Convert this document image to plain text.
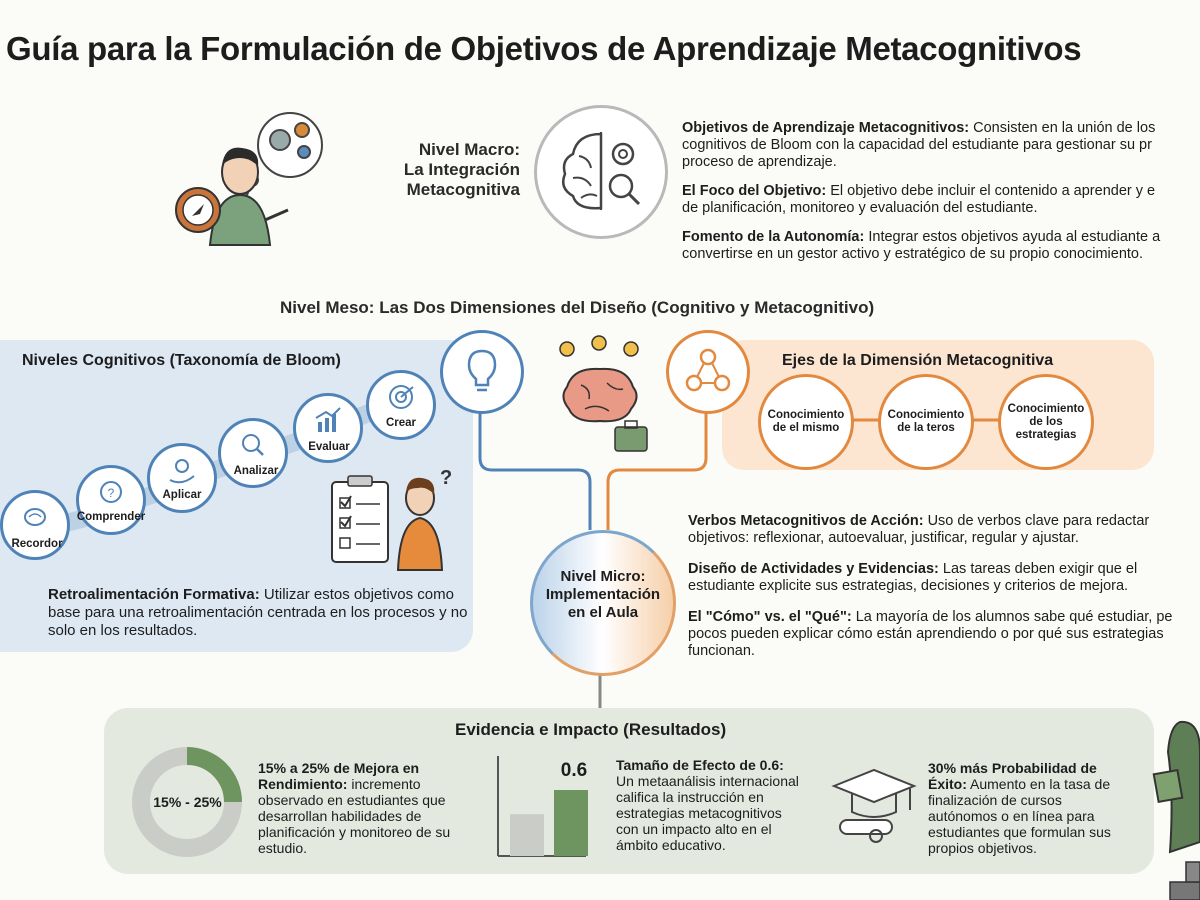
Guía para la Formulación de Objetivos de Aprendizaje Metacognitivos
Nivel Macro:
La Integración
Metacognitiva
Objetivos de Aprendizaje Metacognitivos: Consisten en la unión de los
cognitivos de Bloom con la capacidad del estudiante para gestionar su pr
proceso de aprendizaje.
El Foco del Objetivo: El objetivo debe incluir el contenido a aprender y e
de planificación, monitoreo y evaluación del estudiante.
Fomento de la Autonomía: Integrar estos objetivos ayuda al estudiante a
convertirse en un gestor activo y estratégico de su propio conocimiento.
Nivel Meso: Las Dos Dimensiones del Diseño (Cognitivo y Metacognitivo)
Niveles Cognitivos (Taxonomía de Bloom)
Recordor
?
Comprender
Aplicar
Analizar
Evaluar
Crear
?
Retroalimentación Formativa: Utilizar estos objetivos como base para una retroalimentación centrada en los procesos y no solo en los resultados.
Ejes de la Dimensión Metacognitiva
Conocimiento
de el mismo
Conocimiento
de la teros
Conocimiento
de los
estrategias
Nivel Micro:
Implementación
en el Aula
Verbos Metacognitivos de Acción: Uso de verbos clave para redactar objetivos: reflexionar, autoevaluar, justificar, regular y ajustar.
Diseño de Actividades y Evidencias: Las tareas deben exigir que el estudiante explicite sus estrategias, decisiones y criterios de mejora.
El "Cómo" vs. el "Qué": La mayoría de los alumnos sabe qué estudiar, pe
pocos pueden explicar cómo están aprendiendo o por qué sus estrategias
funcionan.
Evidencia e Impacto (Resultados)
15% - 25%
15% a 25% de Mejora en
Rendimiento: incremento observado en estudiantes que desarrollan habilidades de planificación y monitoreo de su estudio.
0.6	Tamaño de Efecto de 0.6: Un metaanálisis internacional califica la instrucción en estrategias metacognitivos con un impacto alto en el ámbito educativo.
30% más Probabilidad de
Éxito: Aumento en la tasa de finalización de cursos autónomos o en línea para estudiantes que formulan sus propios objetivos.
